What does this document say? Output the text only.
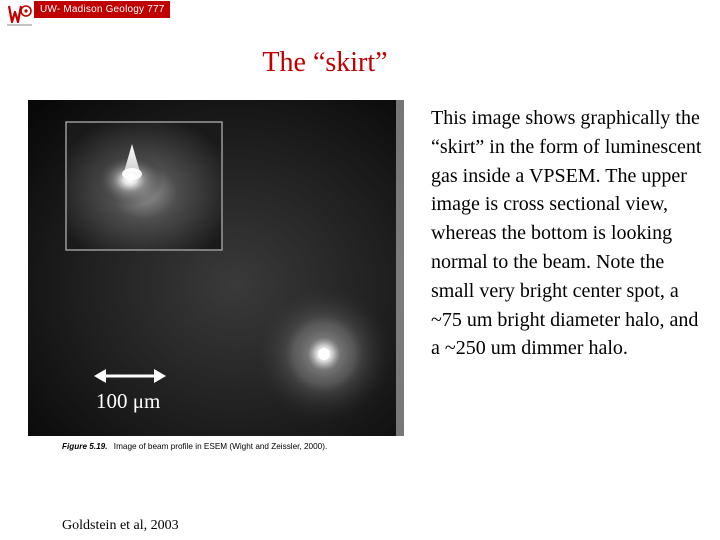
UW- Madison Geology 777
The “skirt”
100 μm
Figure 5.19. Image of beam profile in ESEM (Wight and Zeissler, 2000).

This image shows graphically the “skirt” in the form of luminescent gas inside a VPSEM. The upper image is cross sectional view, whereas the bottom is looking normal to the beam. Note the small very bright center spot, a ~75 um bright diameter halo, and a ~250 um dimmer halo.

Goldstein et al, 2003
